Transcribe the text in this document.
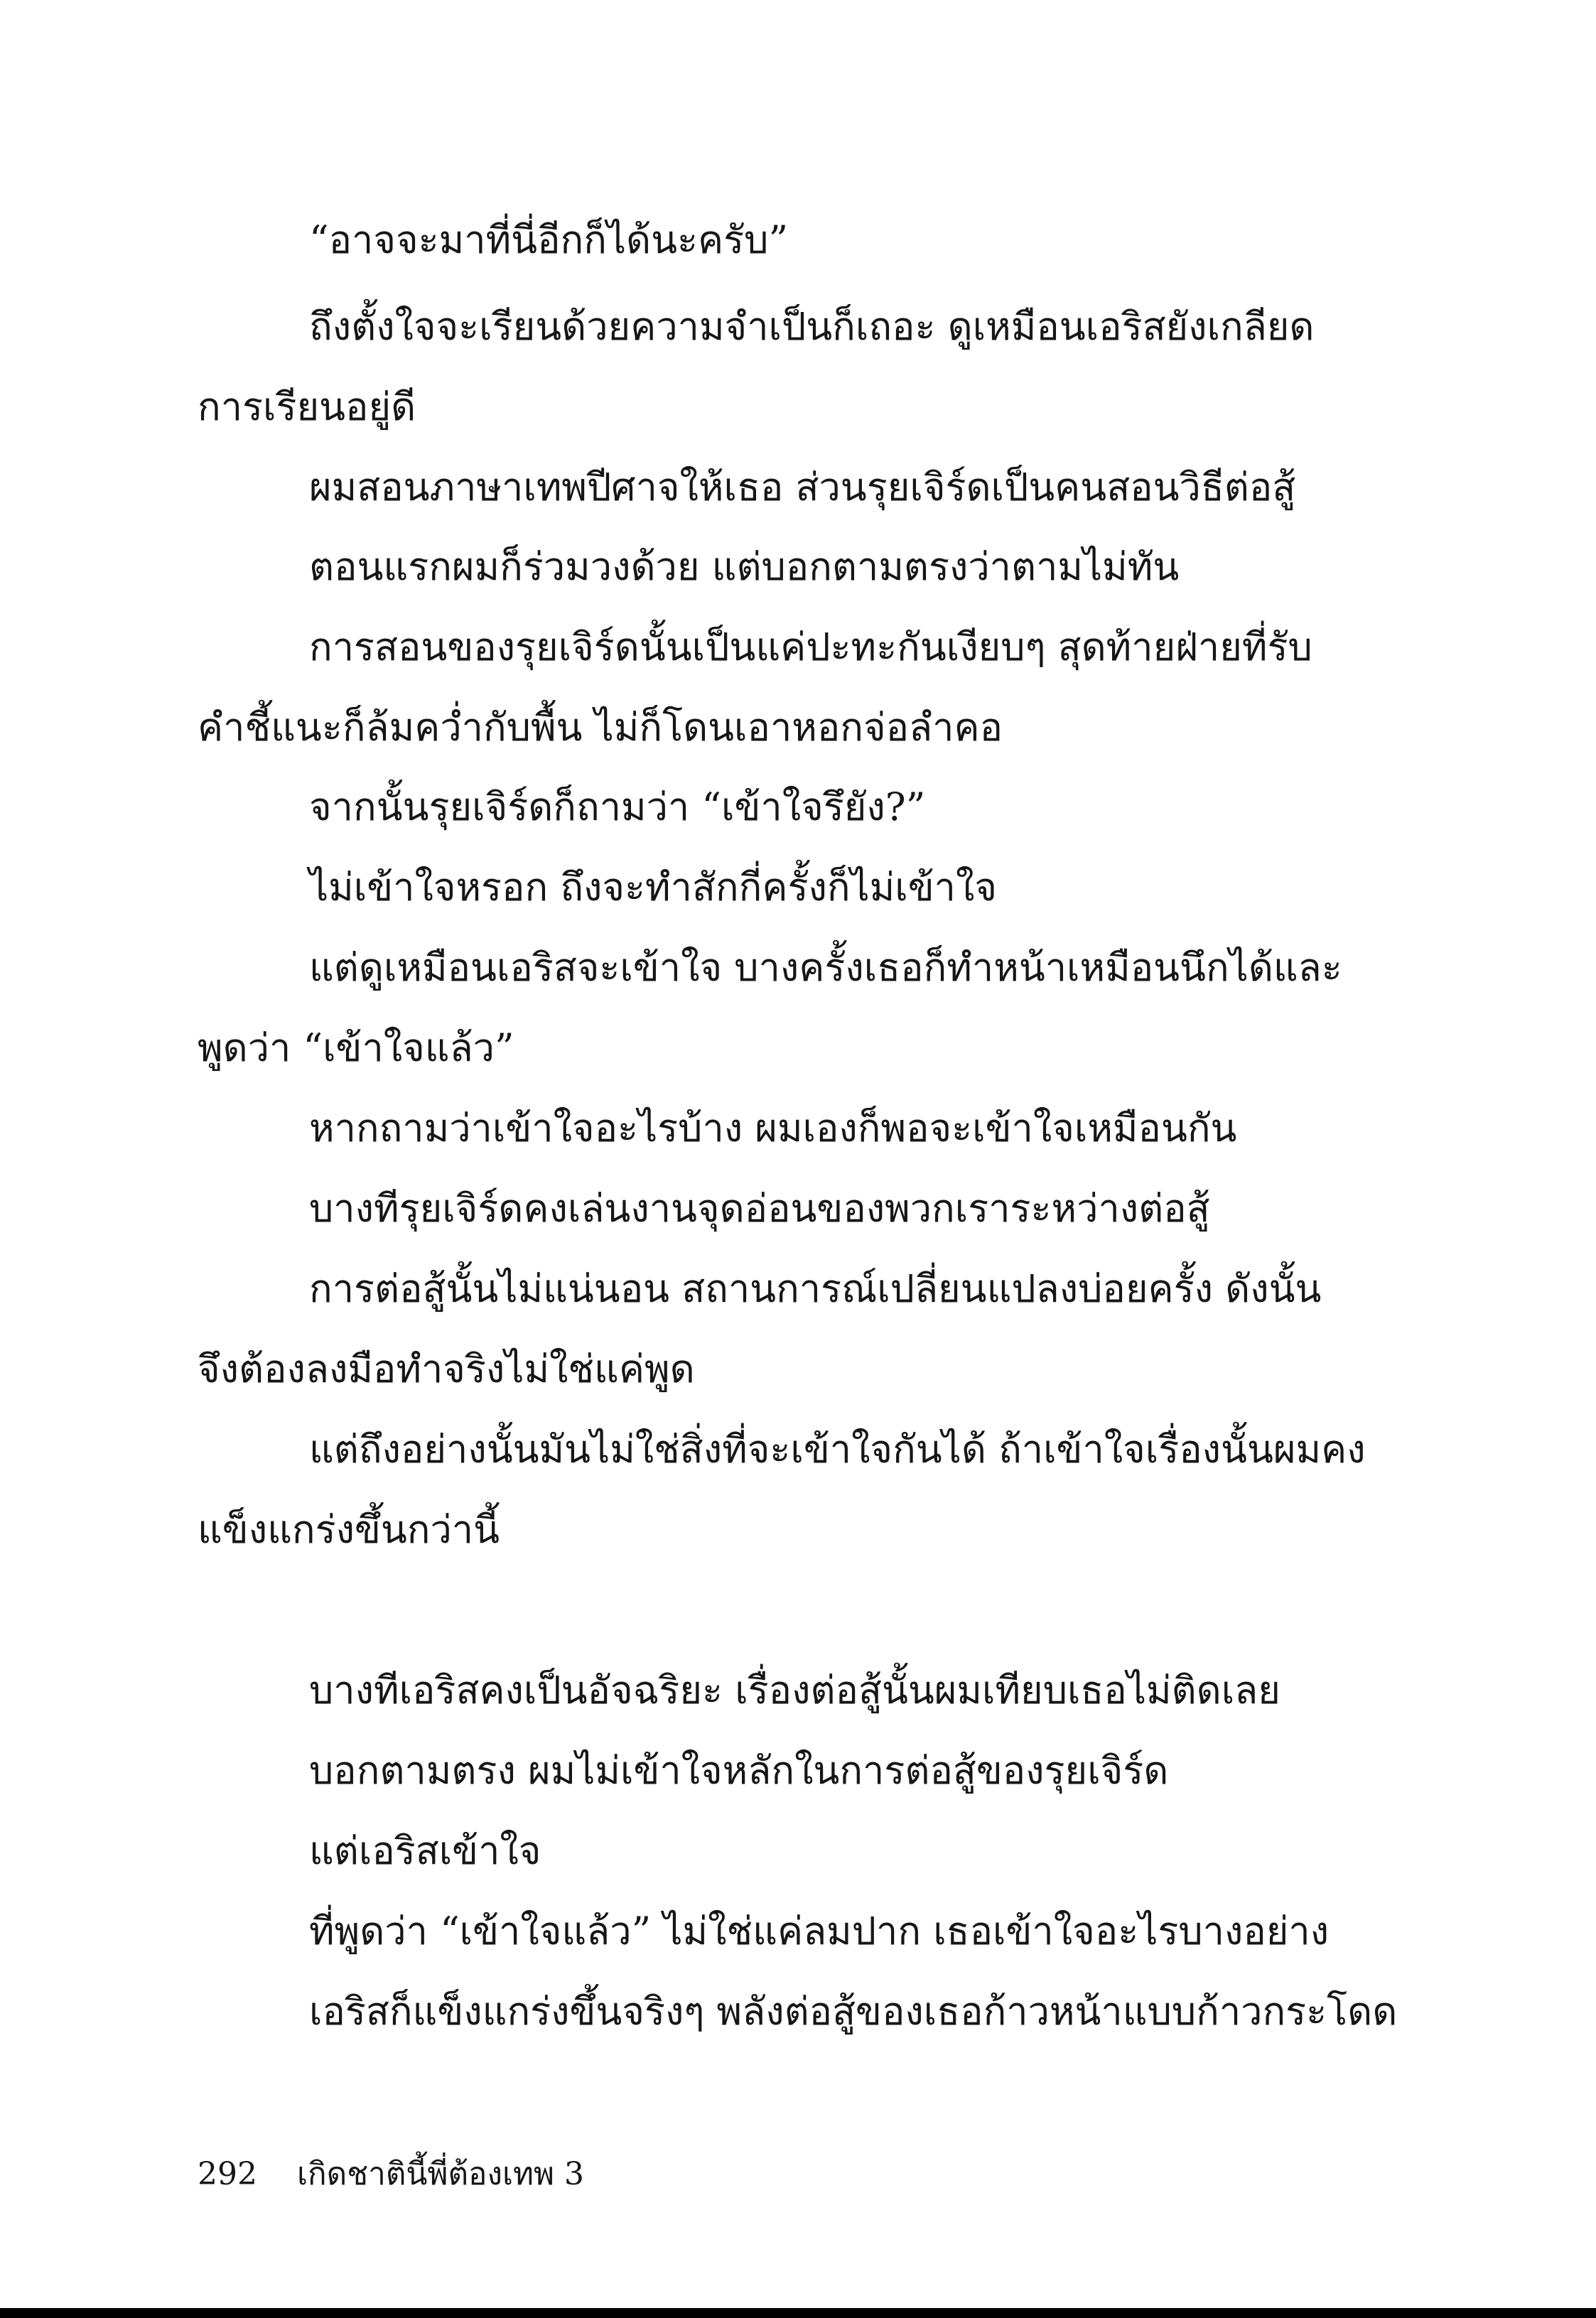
“อาจจะมาที่นี่อีกก็ได้นะครับ”
ถึงตั้งใจจะเรียนด้วยความจำเป็นก็เถอะ ดูเหมือนเอริสยังเกลียด
การเรียนอยู่ดี
ผมสอนภาษาเทพปีศาจให้เธอ ส่วนรุยเจิร์ดเป็นคนสอนวิธีต่อสู้
ตอนแรกผมก็ร่วมวงด้วย แต่บอกตามตรงว่าตามไม่ทัน
การสอนของรุยเจิร์ดนั้นเป็นแค่ปะทะกันเงียบๆ สุดท้ายฝ่ายที่รับ
คำชี้แนะก็ล้มคว่ำกับพื้น ไม่ก็โดนเอาหอกจ่อลำคอ
จากนั้นรุยเจิร์ดก็ถามว่า “เข้าใจรึยัง?”
ไม่เข้าใจหรอก ถึงจะทำสักกี่ครั้งก็ไม่เข้าใจ
แต่ดูเหมือนเอริสจะเข้าใจ บางครั้งเธอก็ทำหน้าเหมือนนึกได้และ
พูดว่า “เข้าใจแล้ว”
หากถามว่าเข้าใจอะไรบ้าง ผมเองก็พอจะเข้าใจเหมือนกัน
บางทีรุยเจิร์ดคงเล่นงานจุดอ่อนของพวกเราระหว่างต่อสู้
การต่อสู้นั้นไม่แน่นอน สถานการณ์เปลี่ยนแปลงบ่อยครั้ง ดังนั้น
จึงต้องลงมือทำจริงไม่ใช่แค่พูด
แต่ถึงอย่างนั้นมันไม่ใช่สิ่งที่จะเข้าใจกันได้ ถ้าเข้าใจเรื่องนั้นผมคง
แข็งแกร่งขึ้นกว่านี้
บางทีเอริสคงเป็นอัจฉริยะ เรื่องต่อสู้นั้นผมเทียบเธอไม่ติดเลย
บอกตามตรง ผมไม่เข้าใจหลักในการต่อสู้ของรุยเจิร์ด
แต่เอริสเข้าใจ
ที่พูดว่า “เข้าใจแล้ว” ไม่ใช่แค่ลมปาก เธอเข้าใจอะไรบางอย่าง
เอริสก็แข็งแกร่งขึ้นจริงๆ พลังต่อสู้ของเธอก้าวหน้าแบบก้าวกระโดด
292 เกิดชาตินี้พี่ต้องเทพ 3
